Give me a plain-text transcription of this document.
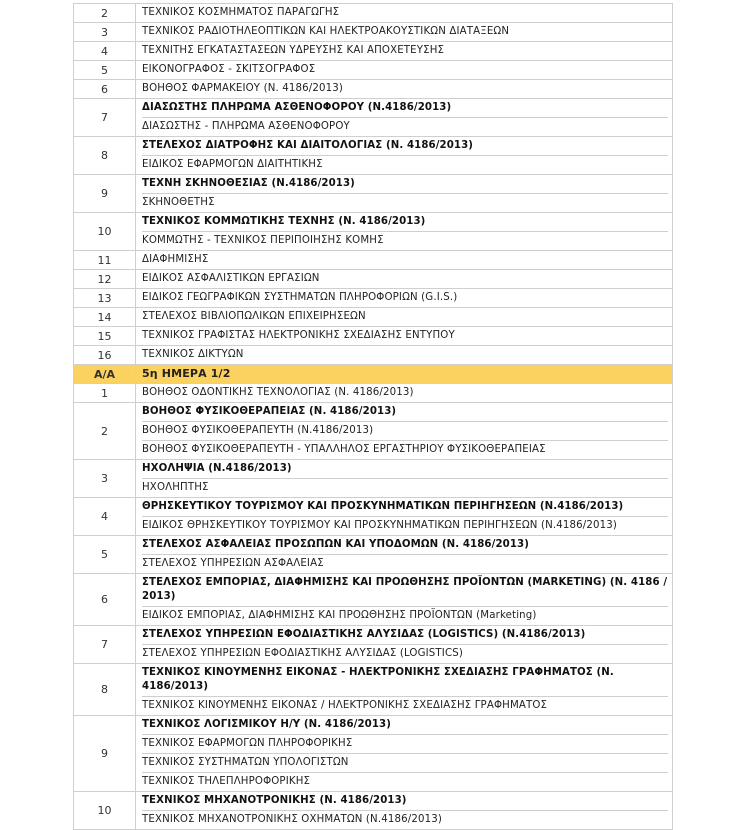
2	ΤΕΧΝΙΚΟΣ ΚΟΣΜΗΜΑΤΟΣ ΠΑΡΑΓΩΓΗΣ

3	ΤΕΧΝΙΚΟΣ ΡΑΔΙΟΤΗΛΕΟΠΤΙΚΩΝ ΚΑΙ ΗΛΕΚΤΡΟΑΚΟΥΣΤΙΚΩΝ ΔΙΑΤΑΞΕΩΝ

4	ΤΕΧΝΙΤΗΣ ΕΓΚΑΤΑΣΤΑΣΕΩΝ ΥΔΡΕΥΣΗΣ ΚΑΙ ΑΠΟΧΕΤΕΥΣΗΣ

5	ΕΙΚΟΝΟΓΡΑΦΟΣ - ΣΚΙΤΣΟΓΡΑΦΟΣ

6	ΒΟΗΘΟΣ ΦΑΡΜΑΚΕΙΟΥ (Ν. 4186/2013)

7	ΔΙΑΣΩΣΤΗΣ ΠΛΗΡΩΜΑ ΑΣΘΕΝΟΦΟΡΟΥ (Ν.4186/2013)
ΔΙΑΣΩΣΤΗΣ - ΠΛΗΡΩΜΑ ΑΣΘΕΝΟΦΟΡΟΥ

8	ΣΤΕΛΕΧΟΣ ΔΙΑΤΡΟΦΗΣ ΚΑΙ ΔΙΑΙΤΟΛΟΓΙΑΣ (Ν. 4186/2013)
ΕΙΔΙΚΟΣ ΕΦΑΡΜΟΓΩΝ ΔΙΑΙΤΗΤΙΚΗΣ

9	ΤΕΧΝΗ ΣΚΗΝΟΘΕΣΙΑΣ (Ν.4186/2013)
ΣΚΗΝΟΘΕΤΗΣ

10	ΤΕΧΝΙΚΟΣ ΚΟΜΜΩΤΙΚΗΣ ΤΕΧΝΗΣ (Ν. 4186/2013)
ΚΟΜΜΩΤΗΣ - ΤΕΧΝΙΚΟΣ ΠΕΡΙΠΟΙΗΣΗΣ ΚΟΜΗΣ

11	ΔΙΑΦΗΜΙΣΗΣ

12	ΕΙΔΙΚΟΣ ΑΣΦΑΛΙΣΤΙΚΩΝ ΕΡΓΑΣΙΩΝ

13	ΕΙΔΙΚΟΣ ΓΕΩΓΡΑΦΙΚΩΝ ΣΥΣΤΗΜΑΤΩΝ ΠΛΗΡΟΦΟΡΙΩΝ (G.I.S.)

14	ΣΤΕΛΕΧΟΣ ΒΙΒΛΙΟΠΩΛΙΚΩΝ ΕΠΙΧΕΙΡΗΣΕΩΝ

15	ΤΕΧΝΙΚΟΣ ΓΡΑΦΙΣΤΑΣ ΗΛΕΚΤΡΟΝΙΚΗΣ ΣΧΕΔΙΑΣΗΣ ΕΝΤΥΠΟΥ

16	ΤΕΧΝΙΚΟΣ ΔΙΚΤΥΩΝ

Α/Α	5η ΗΜΕΡΑ 1/2

1	ΒΟΗΘΟΣ ΟΔΟΝΤΙΚΗΣ ΤΕΧΝΟΛΟΓΙΑΣ (Ν. 4186/2013)

2	ΒΟΗΘΟΣ ΦΥΣΙΚΟΘΕΡΑΠΕΙΑΣ (Ν. 4186/2013)
ΒΟΗΘΟΣ ΦΥΣΙΚΟΘΕΡΑΠΕΥΤΗ (Ν.4186/2013)
ΒΟΗΘΟΣ ΦΥΣΙΚΟΘΕΡΑΠΕΥΤΗ - ΥΠΑΛΛΗΛΟΣ ΕΡΓΑΣΤΗΡΙΟΥ ΦΥΣΙΚΟΘΕΡΑΠΕΙΑΣ

3	ΗΧΟΛΗΨΙΑ (Ν.4186/2013)
ΗΧΟΛΗΠΤΗΣ

4	ΘΡΗΣΚΕΥΤΙΚΟΥ ΤΟΥΡΙΣΜΟΥ ΚΑΙ ΠΡΟΣΚΥΝΗΜΑΤΙΚΩΝ ΠΕΡΙΗΓΗΣΕΩΝ (Ν.4186/2013)
ΕΙΔΙΚΟΣ ΘΡΗΣΚΕΥΤΙΚΟΥ ΤΟΥΡΙΣΜΟΥ ΚΑΙ ΠΡΟΣΚΥΝΗΜΑΤΙΚΩΝ ΠΕΡΙΗΓΗΣΕΩΝ (Ν.4186/2013)

5	ΣΤΕΛΕΧΟΣ ΑΣΦΑΛΕΙΑΣ ΠΡΟΣΩΠΩΝ ΚΑΙ ΥΠΟΔΟΜΩΝ (Ν. 4186/2013)
ΣΤΕΛΕΧΟΣ ΥΠΗΡΕΣΙΩΝ ΑΣΦΑΛΕΙΑΣ

6	ΣΤΕΛΕΧΟΣ ΕΜΠΟΡΙΑΣ, ΔΙΑΦΗΜΙΣΗΣ ΚΑΙ ΠΡΟΩΘΗΣΗΣ ΠΡΟΪΟΝΤΩΝ (MARKETING) (Ν. 4186 / 2013)
ΕΙΔΙΚΟΣ ΕΜΠΟΡΙΑΣ, ΔΙΑΦΗΜΙΣΗΣ ΚΑΙ ΠΡΟΩΘΗΣΗΣ ΠΡΟΪΟΝΤΩΝ (Marketing)

7	ΣΤΕΛΕΧΟΣ ΥΠΗΡΕΣΙΩΝ ΕΦΟΔΙΑΣΤΙΚΗΣ ΑΛΥΣΙΔΑΣ (LOGISTICS) (Ν.4186/2013)
ΣΤΕΛΕΧΟΣ ΥΠΗΡΕΣΙΩΝ ΕΦΟΔΙΑΣΤΙΚΗΣ ΑΛΥΣΙΔΑΣ (LOGISTICS)

8	ΤΕΧΝΙΚΟΣ ΚΙΝΟΥΜΕΝΗΣ ΕΙΚΟΝΑΣ - ΗΛΕΚΤΡΟΝΙΚΗΣ ΣΧΕΔΙΑΣΗΣ ΓΡΑΦΗΜΑΤΟΣ (Ν. 4186/2013)
ΤΕΧΝΙΚΟΣ ΚΙΝΟΥΜΕΝΗΣ ΕΙΚΟΝΑΣ / ΗΛΕΚΤΡΟΝΙΚΗΣ ΣΧΕΔΙΑΣΗΣ ΓΡΑΦΗΜΑΤΟΣ

9	ΤΕΧΝΙΚΟΣ ΛΟΓΙΣΜΙΚΟΥ Η/Υ (Ν. 4186/2013)
ΤΕΧΝΙΚΟΣ ΕΦΑΡΜΟΓΩΝ ΠΛΗΡΟΦΟΡΙΚΗΣ
ΤΕΧΝΙΚΟΣ ΣΥΣΤΗΜΑΤΩΝ ΥΠΟΛΟΓΙΣΤΩΝ
ΤΕΧΝΙΚΟΣ ΤΗΛΕΠΛΗΡΟΦΟΡΙΚΗΣ

10	ΤΕΧΝΙΚΟΣ ΜΗΧΑΝΟΤΡΟΝΙΚΗΣ (Ν. 4186/2013)
ΤΕΧΝΙΚΟΣ ΜΗΧΑΝΟΤΡΟΝΙΚΗΣ ΟΧΗΜΑΤΩΝ (Ν.4186/2013)
